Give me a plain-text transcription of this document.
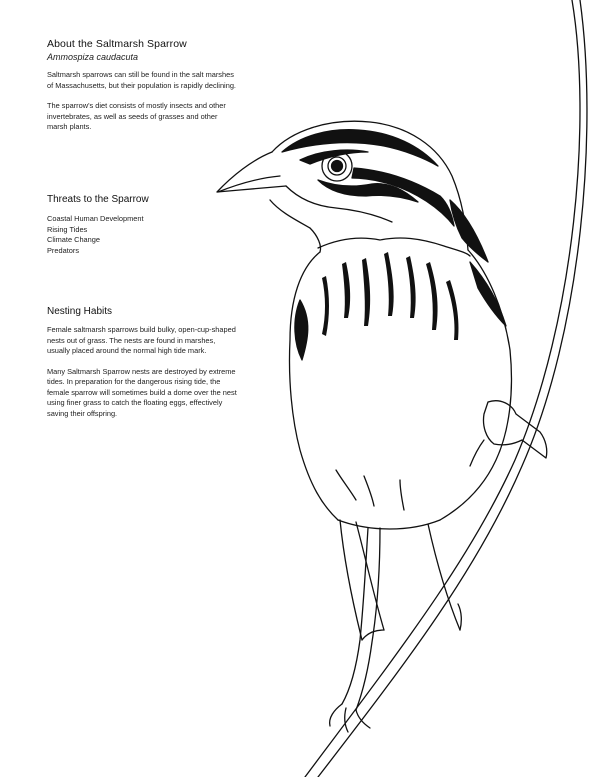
About the Saltmarsh Sparrow
Ammospiza caudacuta

Saltmarsh sparrows can still be found in the salt marshes of Massachusetts, but their population is rapidly declining.

The sparrow's diet consists of mostly insects and other invertebrates, as well as seeds of grasses and other marsh plants.

Threats to the Sparrow
Coastal Human Development
Rising Tides
Climate Change
Predators
Nesting Habits

Female saltmarsh sparrows build bulky, open-cup-shaped nests out of grass. The nests are found in marshes, usually placed around the normal high tide mark.

Many Saltmarsh Sparrow nests are destroyed by extreme tides. In preparation for the dangerous rising tide, the female sparrow will sometimes build a dome over the nest using finer grass to catch the floating eggs, effectively saving their offspring.
